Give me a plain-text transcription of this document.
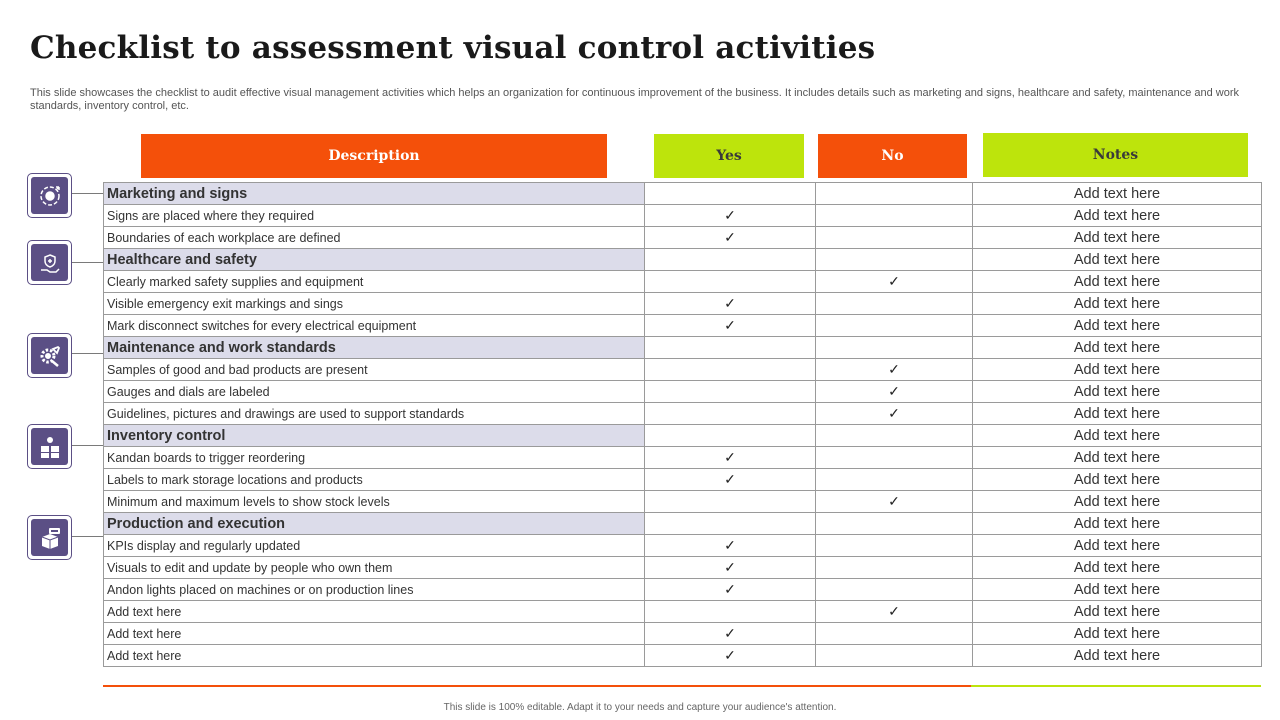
Checklist to assessment visual control activities

This slide showcases the checklist to audit effective visual management activities which helps an organization for continuous improvement of the business. It includes details such as marketing and signs, healthcare and safety, maintenance and work standards, inventory control, etc.

Description	Yes	No	Notes
Marketing and signs			Add text here
Signs are placed where they required	✓		Add text here
Boundaries of each workplace are defined	✓		Add text here
Healthcare and safety			Add text here
Clearly marked safety supplies and equipment		✓	Add text here
Visible emergency exit markings and sings	✓		Add text here
Mark disconnect switches for every electrical equipment	✓		Add text here
Maintenance and work standards			Add text here
Samples of good and bad products are present		✓	Add text here
Gauges and dials are labeled		✓	Add text here
Guidelines, pictures and drawings are used to support standards		✓	Add text here
Inventory control			Add text here
Kandan boards to trigger reordering	✓		Add text here
Labels to mark storage locations and products	✓		Add text here
Minimum and maximum levels to show stock levels		✓	Add text here
Production and execution			Add text here
KPIs display and regularly updated	✓		Add text here
Visuals to edit and update by people who own them	✓		Add text here
Andon lights placed on machines or on production lines	✓		Add text here
Add text here		✓	Add text here
Add text here	✓		Add text here
Add text here	✓		Add text here
This slide is 100% editable. Adapt it to your needs and capture your audience's attention.
